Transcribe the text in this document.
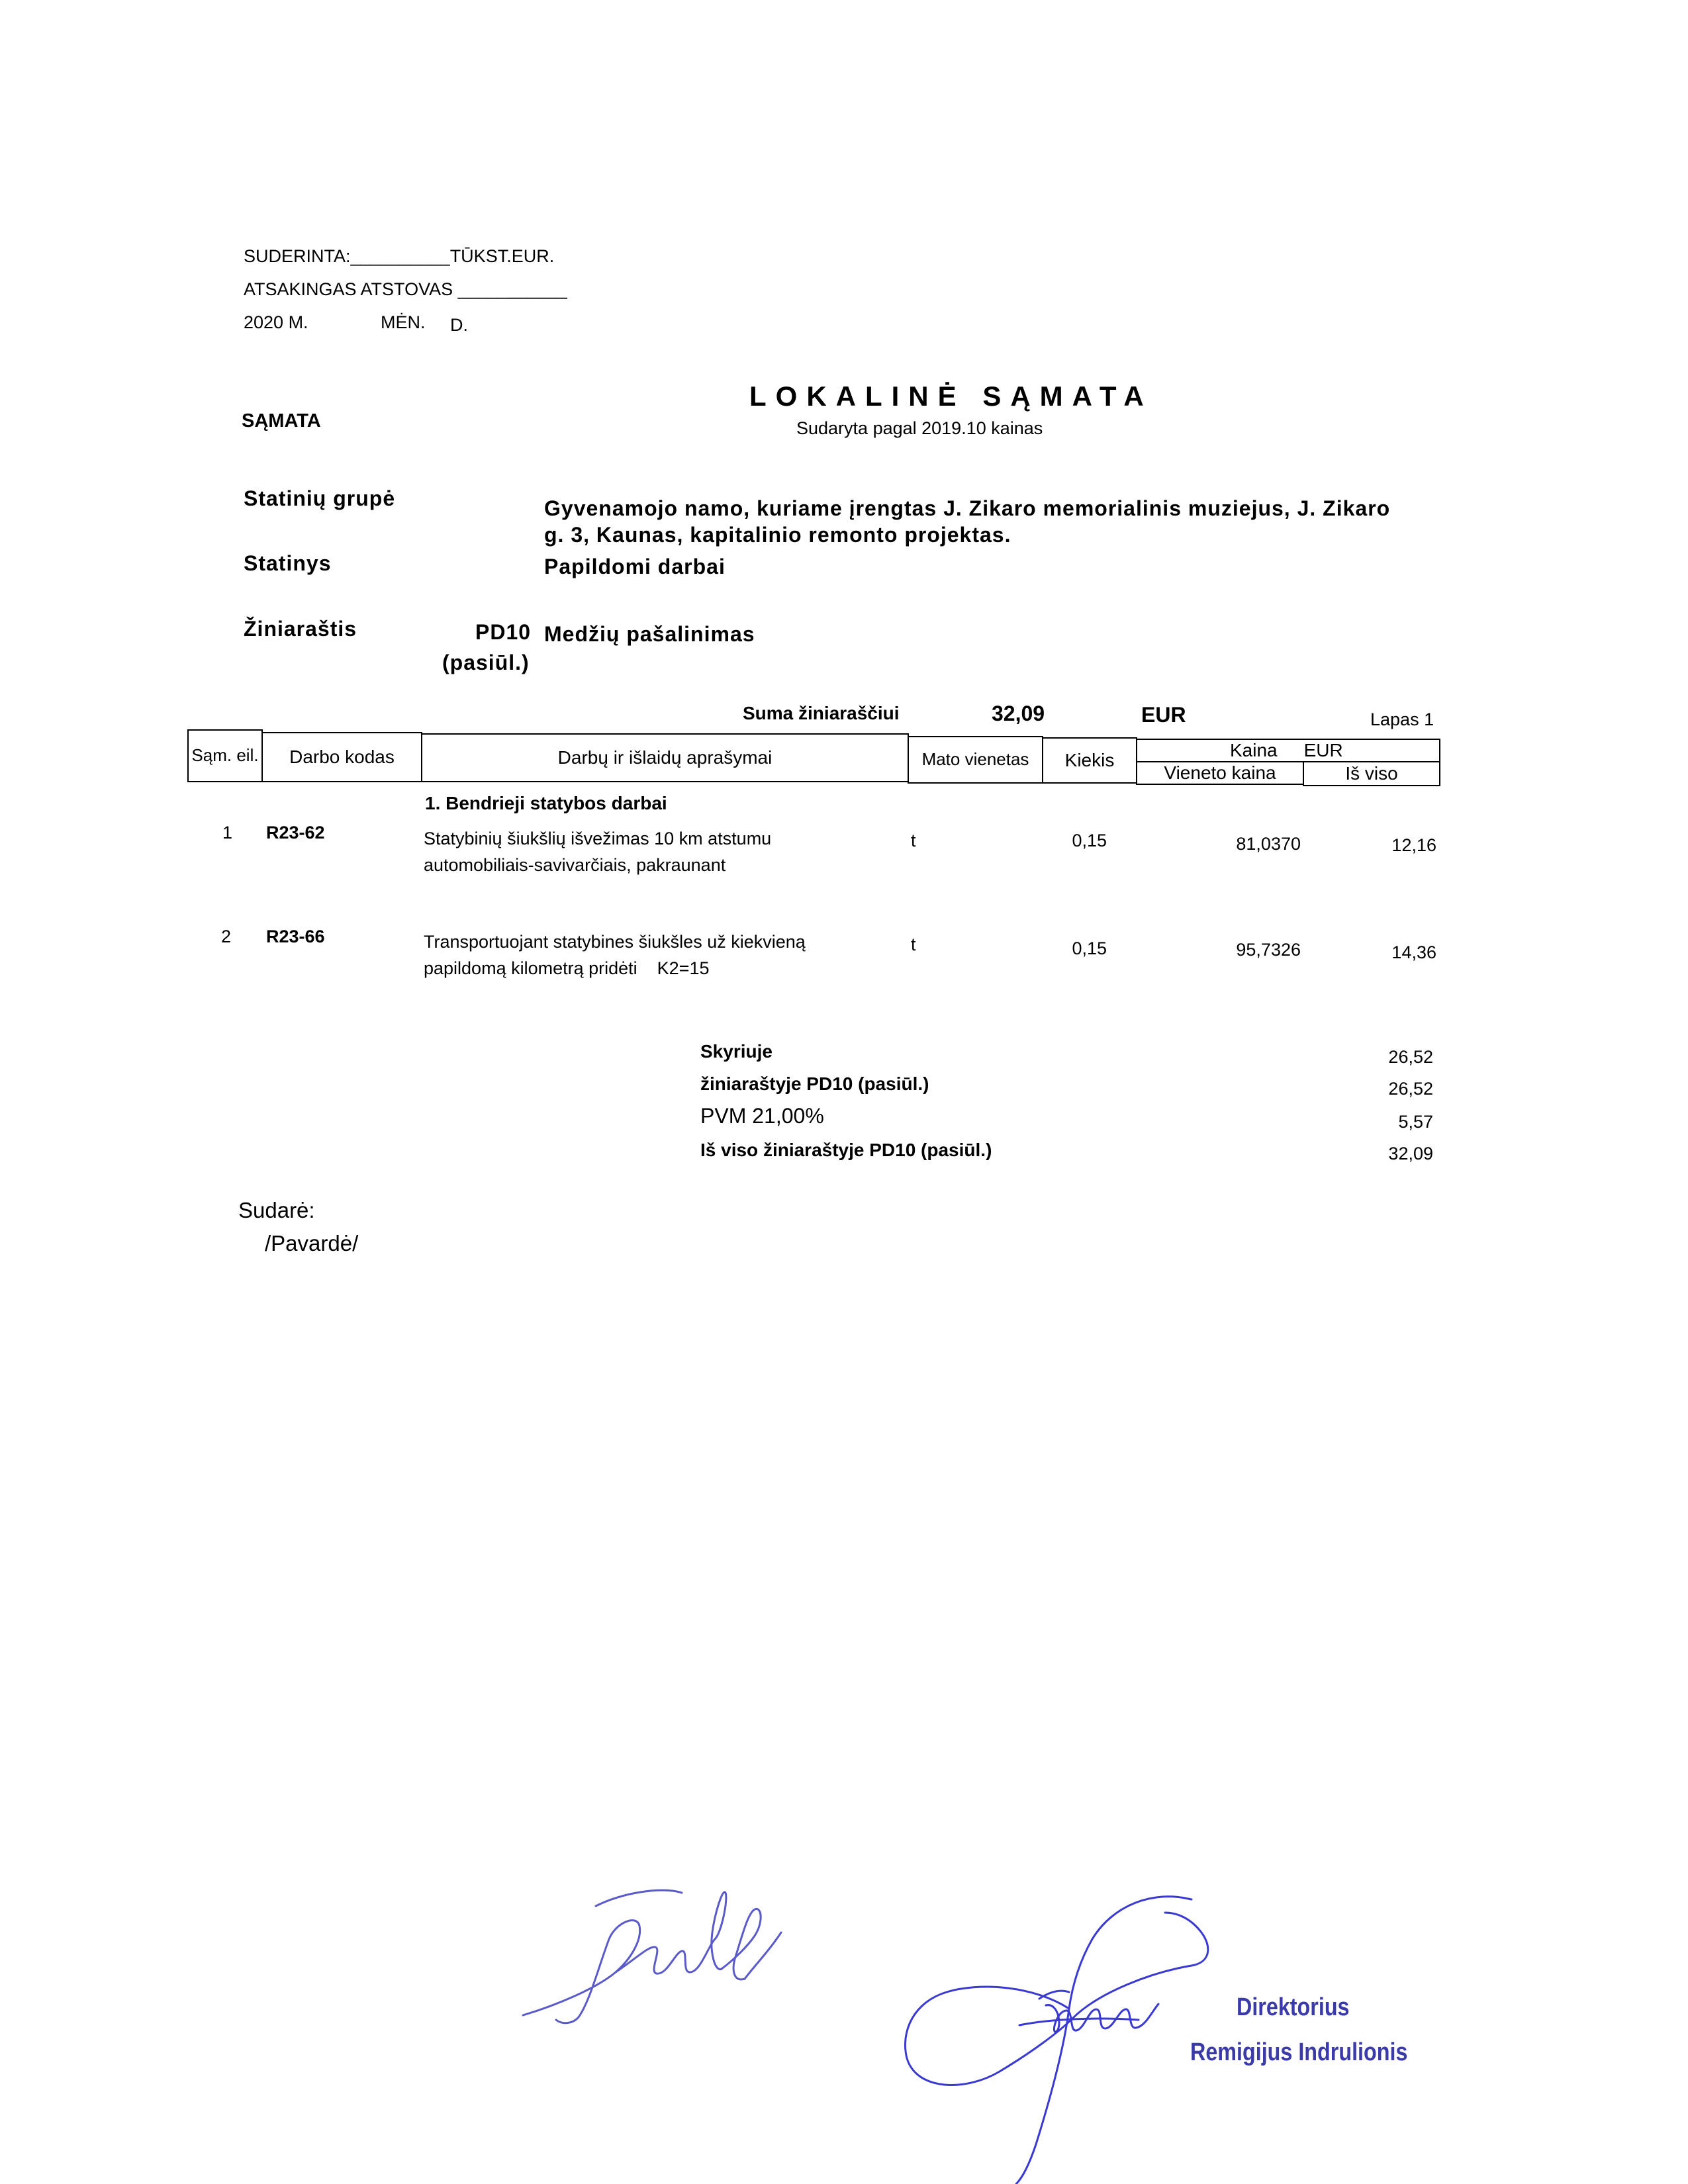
SUDERINTA:__________TŪKST.EUR.
ATSAKINGAS ATSTOVAS ___________
2020 M.	MĖN. D.
SĄMATA
LOKALINĖ SĄMATA
Sudaryta pagal 2019.10 kainas
Statinių grupė	Gyvenamojo namo, kuriame įrengtas J. Zikaro memorialinis muziejus, J. Zikaro
g. 3, Kaunas, kapitalinio remonto projektas.
Statinys	Papildomi darbai
Žiniaraštis	PD10
(pasiūl.)
Medžių pašalinimas
Suma žiniaraščiui	32,09	EUR	Lapas 1
Sąm. eil.	Darbo kodas	Darbų ir išlaidų aprašymai	Mato vienetas	Kiekis	Kaina EUR
Vieneto kaina	Iš viso
1. Bendrieji statybos darbai
1 R23-62	Statybinių šiukšlių išvežimas 10 km atstumu
automobiliais-savivarčiais, pakraunant
t	0,15	81,0370	12,16
2 R23-66	Transportuojant statybines šiukšles už kiekvieną
papildomą kilometrą pridėti    K2=15
t	0,15	95,7326	14,36
Skyriuje	26,52
žiniaraštyje PD10 (pasiūl.)	26,52
PVM 21,00%	5,57
Iš viso žiniaraštyje PD10 (pasiūl.)	32,09
Sudarė:
/Pavardė/
Direktorius
Remigijus Indrulionis
